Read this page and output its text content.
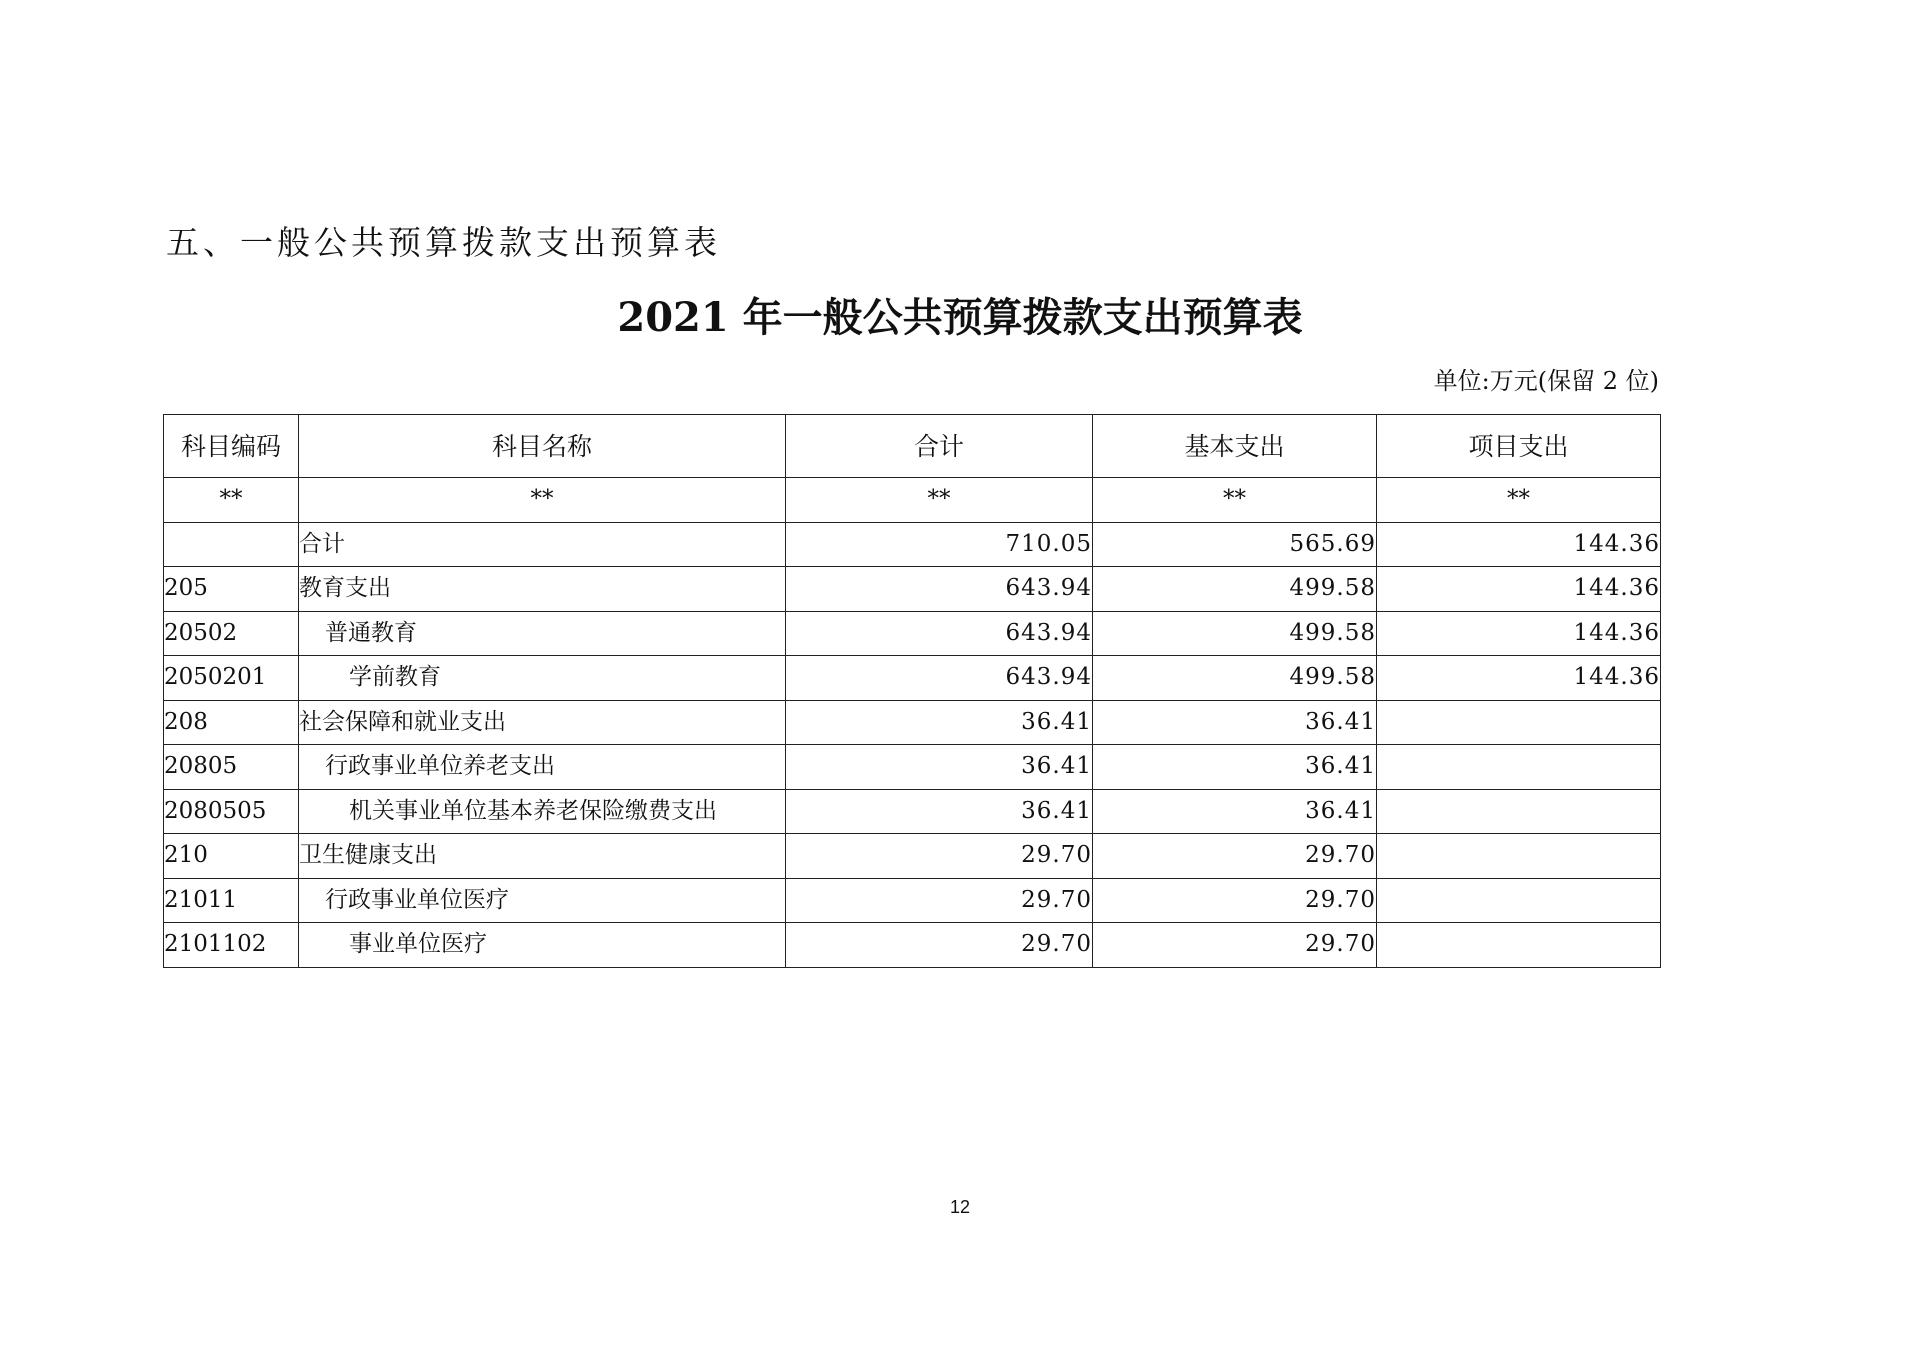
五、一般公共预算拨款支出预算表
2021 年一般公共预算拨款支出预算表
单位:万元(保留 2 位)
科目编码	科目名称	合计	基本支出	项目支出
**	**	**	**	**
	合计	710.05	565.69	144.36
205	教育支出	643.94	499.58	144.36
20502	普通教育	643.94	499.58	144.36
2050201	学前教育	643.94	499.58	144.36
208	社会保障和就业支出	36.41	36.41	
20805	行政事业单位养老支出	36.41	36.41	
2080505	机关事业单位基本养老保险缴费支出	36.41	36.41	
210	卫生健康支出	29.70	29.70	
21011	行政事业单位医疗	29.70	29.70	
2101102	事业单位医疗	29.70	29.70	
12
